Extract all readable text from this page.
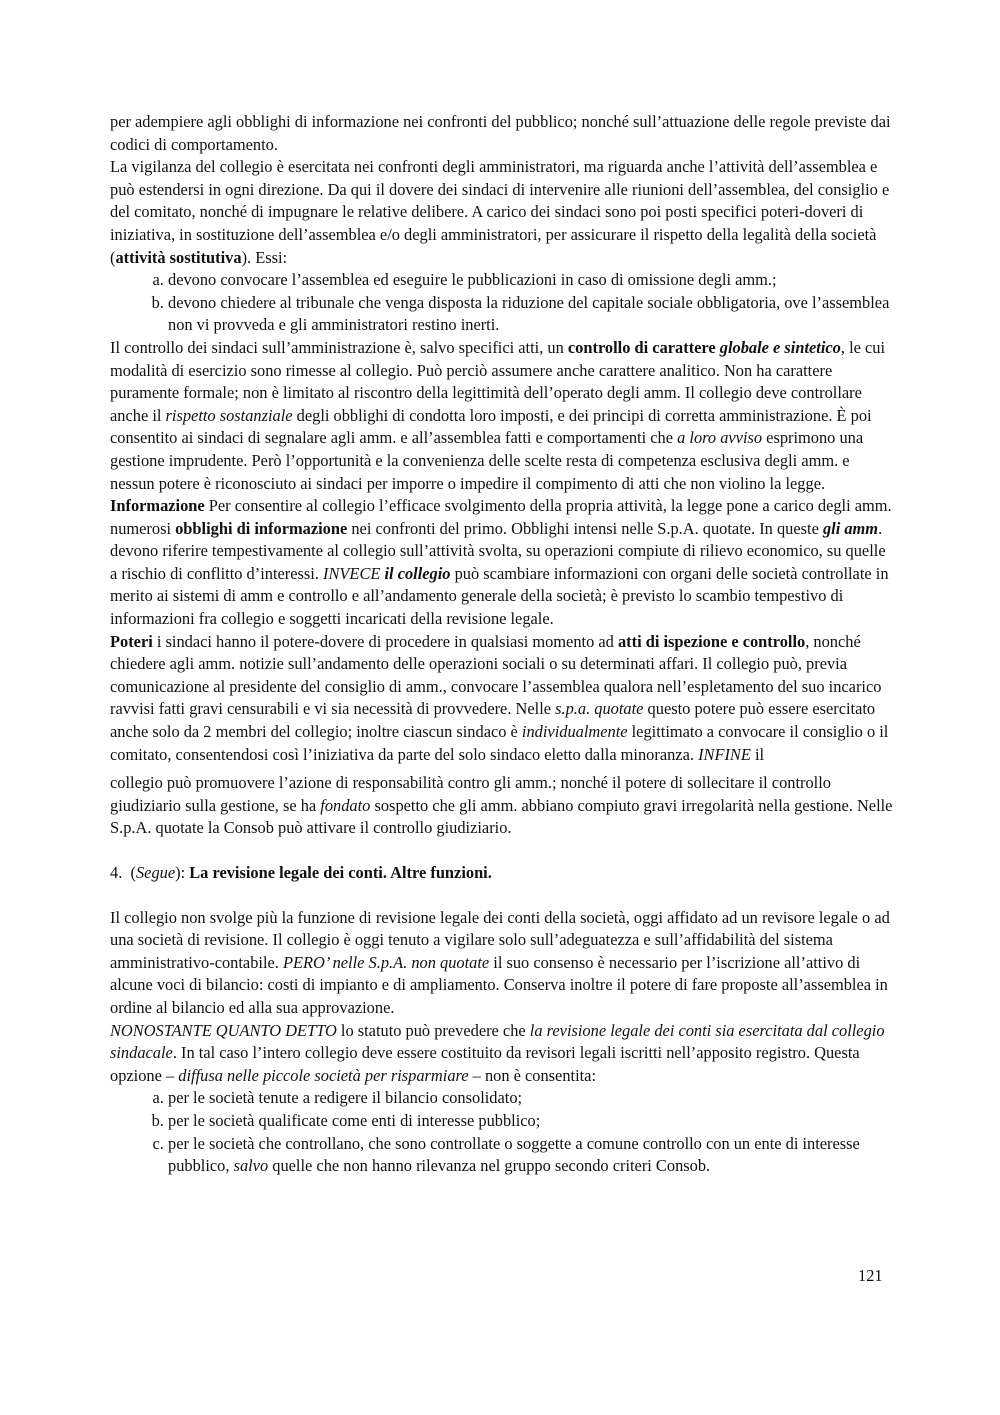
per adempiere agli obblighi di informazione nei confronti del pubblico; nonché sull’attuazione delle regole previste dai codici di comportamento.

La vigilanza del collegio è esercitata nei confronti degli amministratori, ma riguarda anche l’attività dell’assemblea e può estendersi in ogni direzione. Da qui il dovere dei sindaci di intervenire alle riunioni dell’assemblea, del consiglio e del comitato, nonché di impugnare le relative delibere. A carico dei sindaci sono poi posti specifici poteri-doveri di iniziativa, in sostituzione dell’assemblea e/o degli amministratori, per assicurare il rispetto della legalità della società (attività sostitutiva). Essi:

a. devono convocare l’assemblea ed eseguire le pubblicazioni in caso di omissione degli amm.;
b. devono chiedere al tribunale che venga disposta la riduzione del capitale sociale obbligatoria, ove l’assemblea non vi provveda e gli amministratori restino inerti.

Il controllo dei sindaci sull’amministrazione è, salvo specifici atti, un controllo di carattere globale e sintetico, le cui modalità di esercizio sono rimesse al collegio. Può perciò assumere anche carattere analitico. Non ha carattere puramente formale; non è limitato al riscontro della legittimità dell’operato degli amm. Il collegio deve controllare anche il rispetto sostanziale degli obblighi di condotta loro imposti, e dei principi di corretta amministrazione. È poi consentito ai sindaci di segnalare agli amm. e all’assemblea fatti e comportamenti che a loro avviso esprimono una gestione imprudente. Però l’opportunità e la convenienza delle scelte resta di competenza esclusiva degli amm. e nessun potere è riconosciuto ai sindaci per imporre o impedire il compimento di atti che non violino la legge.

Informazione Per consentire al collegio l’efficace svolgimento della propria attività, la legge pone a carico degli amm. numerosi obblighi di informazione nei confronti del primo. Obblighi intensi nelle S.p.A. quotate. In queste gli amm. devono riferire tempestivamente al collegio sull’attività svolta, su operazioni compiute di rilievo economico, su quelle a rischio di conflitto d’interessi. INVECE il collegio può scambiare informazioni con organi delle società controllate in merito ai sistemi di amm e controllo e all’andamento generale della società; è previsto lo scambio tempestivo di informazioni fra collegio e soggetti incaricati della revisione legale.

Poteri i sindaci hanno il potere-dovere di procedere in qualsiasi momento ad atti di ispezione e controllo, nonché chiedere agli amm. notizie sull’andamento delle operazioni sociali o su determinati affari. Il collegio può, previa comunicazione al presidente del consiglio di amm., convocare l’assemblea qualora nell’espletamento del suo incarico ravvisi fatti gravi censurabili e vi sia necessità di provvedere. Nelle s.p.a. quotate questo potere può essere esercitato anche solo da 2 membri del collegio; inoltre ciascun sindaco è individualmente legittimato a convocare il consiglio o il comitato, consentendosi così l’iniziativa da parte del solo sindaco eletto dalla minoranza. INFINE il

collegio può promuovere l’azione di responsabilità contro gli amm.; nonché il potere di sollecitare il controllo giudiziario sulla gestione, se ha fondato sospetto che gli amm. abbiano compiuto gravi irregolarità nella gestione. Nelle S.p.A. quotate la Consob può attivare il controllo giudiziario.

4. (Segue): La revisione legale dei conti. Altre funzioni.

Il collegio non svolge più la funzione di revisione legale dei conti della società, oggi affidato ad un revisore legale o ad una società di revisione. Il collegio è oggi tenuto a vigilare solo sull’adeguatezza e sull’affidabilità del sistema amministrativo-contabile. PERO’ nelle S.p.A. non quotate il suo consenso è necessario per l’iscrizione all’attivo di alcune voci di bilancio: costi di impianto e di ampliamento. Conserva inoltre il potere di fare proposte all’assemblea in ordine al bilancio ed alla sua approvazione.

NONOSTANTE QUANTO DETTO lo statuto può prevedere che la revisione legale dei conti sia esercitata dal collegio sindacale. In tal caso l’intero collegio deve essere costituito da revisori legali iscritti nell’apposito registro. Questa opzione – diffusa nelle piccole società per risparmiare – non è consentita:

a. per le società tenute a redigere il bilancio consolidato;
b. per le società qualificate come enti di interesse pubblico;
c. per le società che controllano, che sono controllate o soggette a comune controllo con un ente di interesse pubblico, salvo quelle che non hanno rilevanza nel gruppo secondo criteri Consob.
121
